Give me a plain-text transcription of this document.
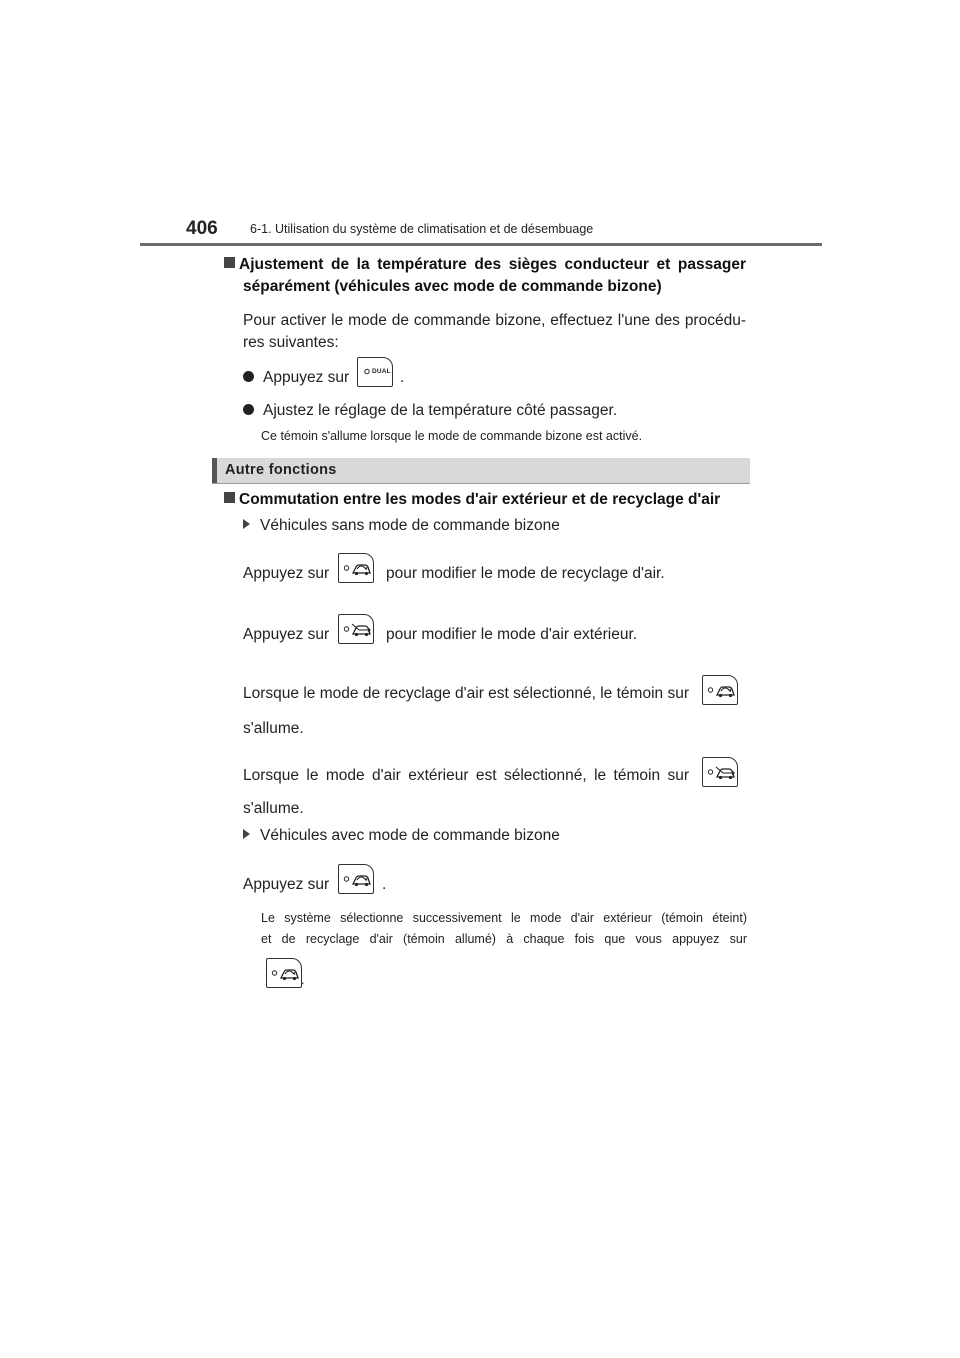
406	6-1. Utilisation du système de climatisation et de désembuage
Ajustement de la température des sièges conducteur et passager
séparément (véhicules avec mode de commande bizone)
Pour activer le mode de commande bizone, effectuez l'une des procédu-
res suivantes:
Appuyez sur	DUAL .
Ajustez le réglage de la température côté passager.
Ce témoin s'allume lorsque le mode de commande bizone est activé.
Autre fonctions
Commutation entre les modes d'air extérieur et de recyclage d'air
Véhicules sans mode de commande bizone
Appuyez sur	pour modifier le mode de recyclage d'air.
Appuyez sur	pour modifier le mode d'air extérieur.
Lorsque le mode de recyclage d'air est sélectionné, le témoin sur
s'allume.
Lorsque le mode d'air extérieur est sélectionné, le témoin sur
s'allume.
Véhicules avec mode de commande bizone
Appuyez sur	.
Le système sélectionne successivement le mode d'air extérieur (témoin éteint)
et de recyclage d'air (témoin allumé) à chaque fois que vous appuyez sur
.
